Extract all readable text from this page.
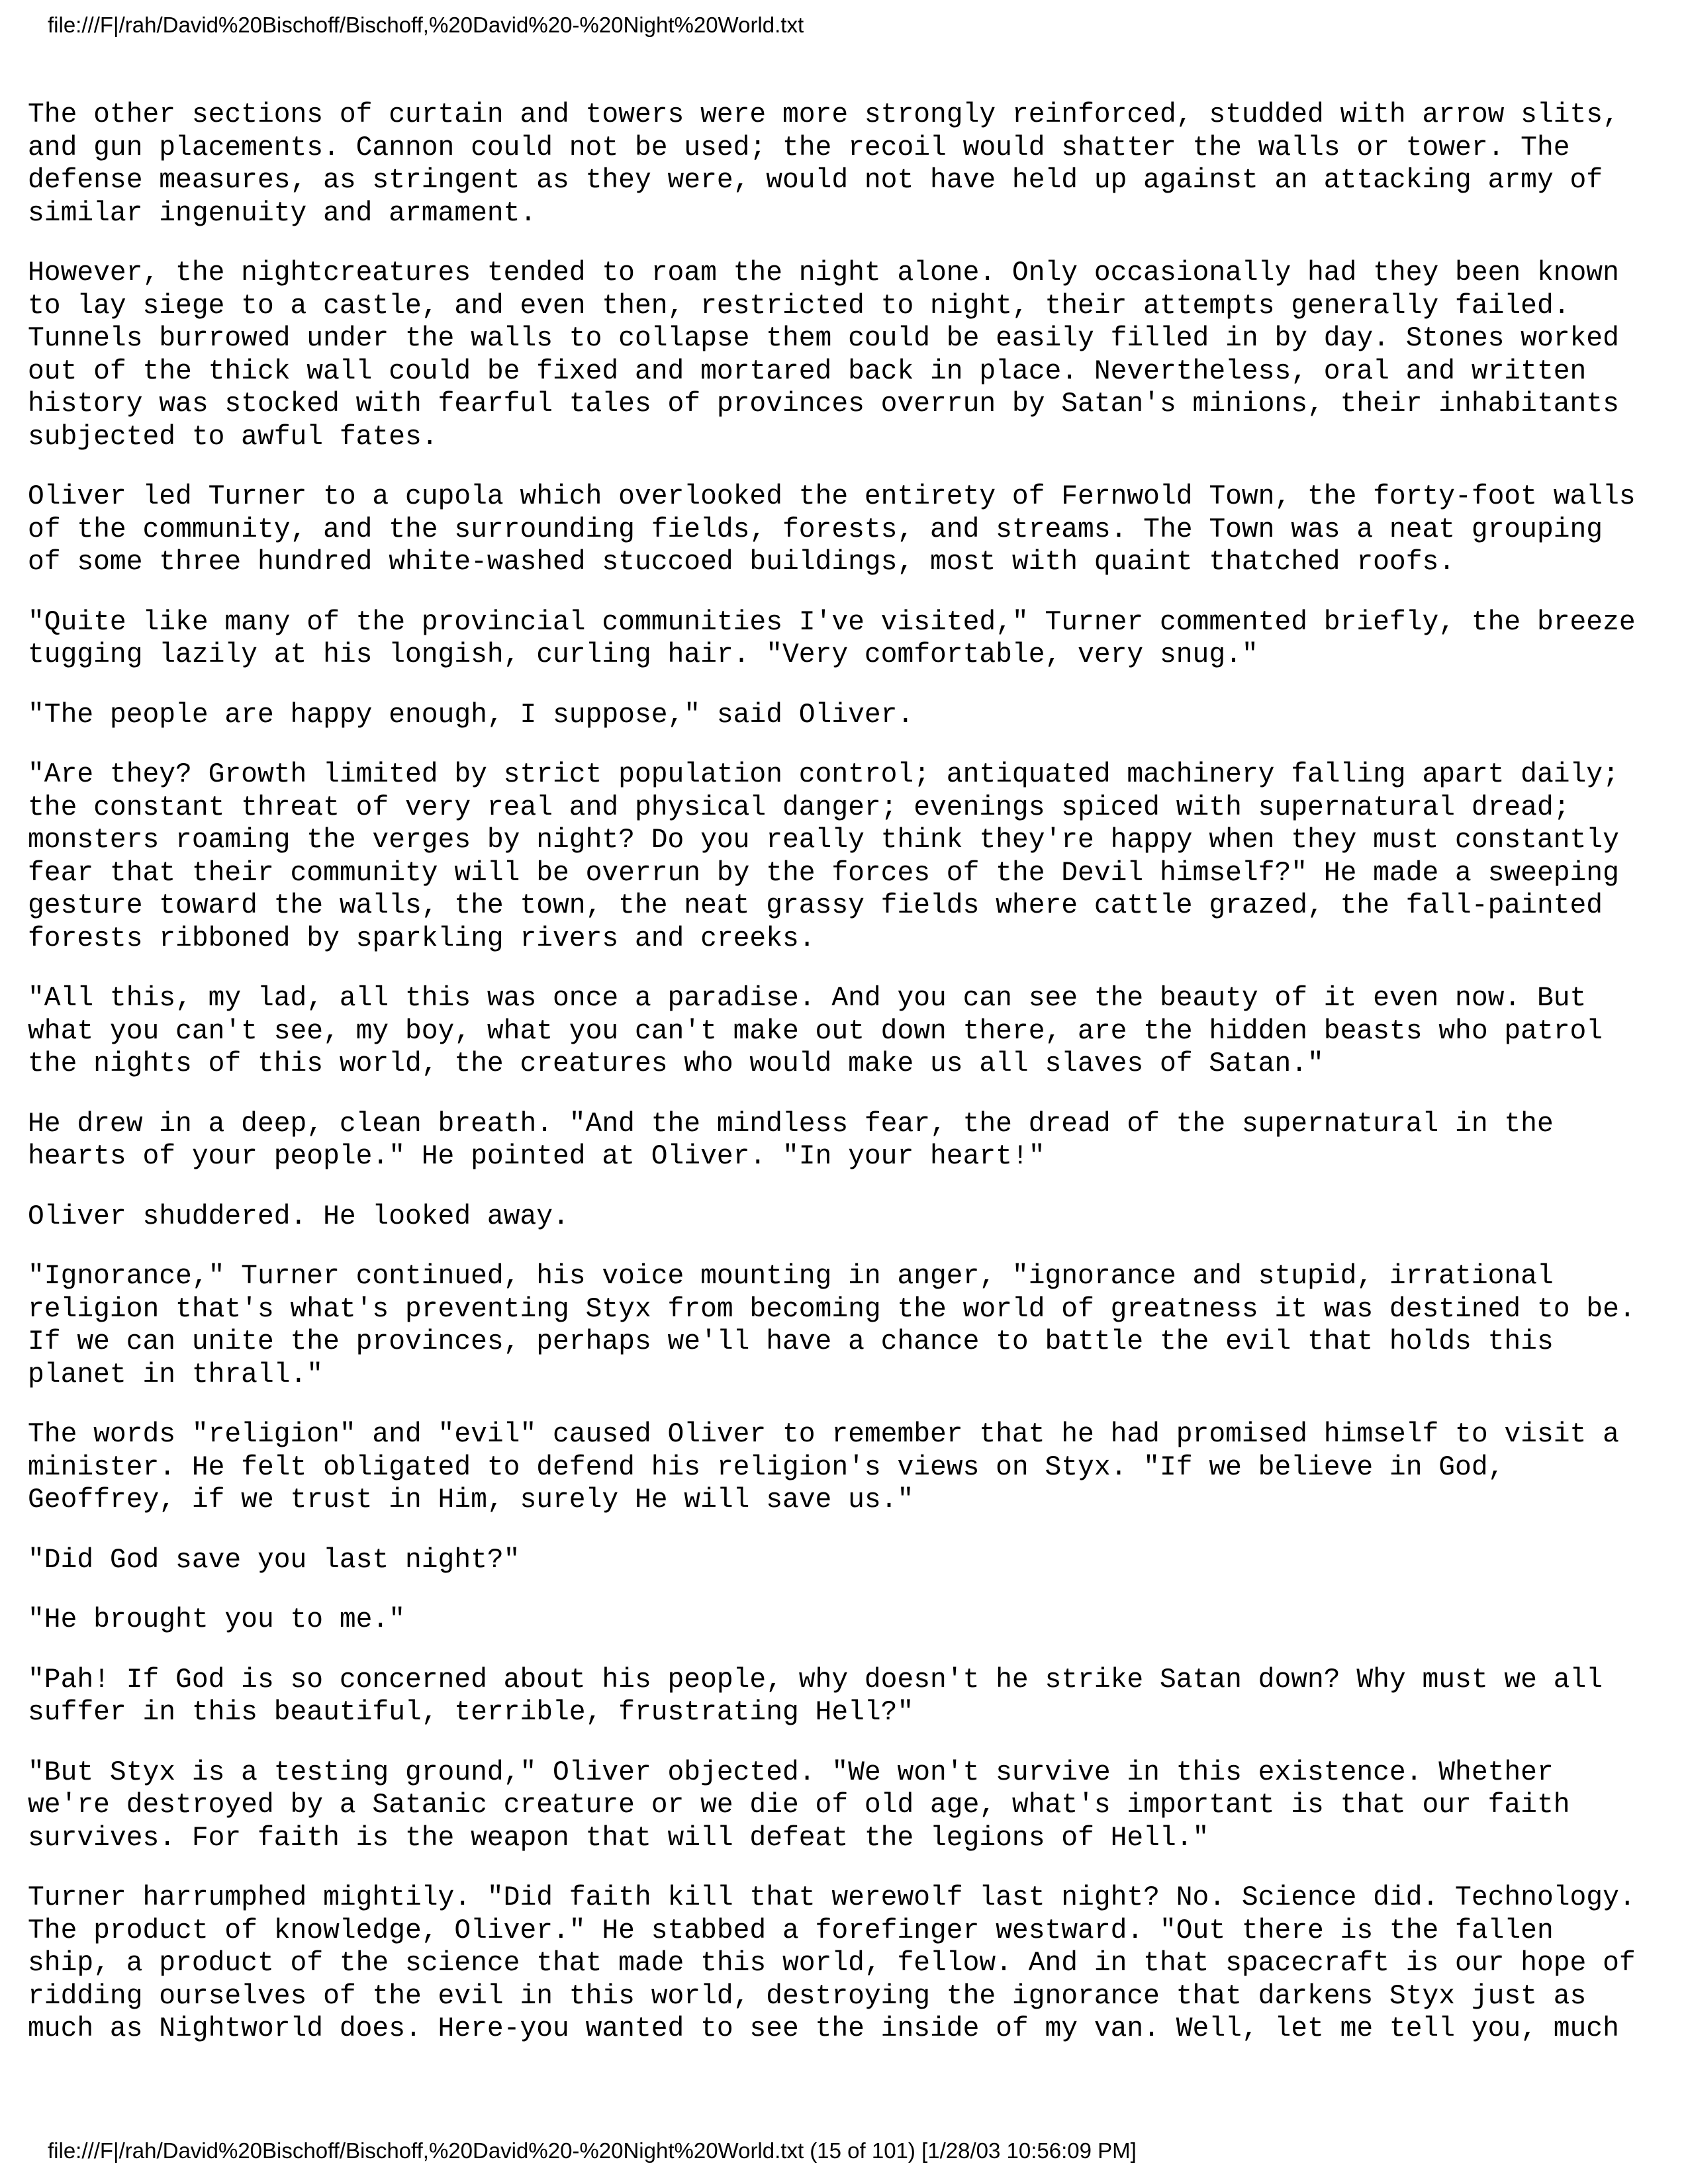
file:///F|/rah/David%20Bischoff/Bischoff,%20David%20-%20Night%20World.txt

The other sections of curtain and towers were more strongly reinforced, studded with arrow slits,
and gun placements. Cannon could not be used; the recoil would shatter the walls or tower. The
defense measures, as stringent as they were, would not have held up against an attacking army of
similar ingenuity and armament.

However, the nightcreatures tended to roam the night alone. Only occasionally had they been known
to lay siege to a castle, and even then, restricted to night, their attempts generally failed.
Tunnels burrowed under the walls to collapse them could be easily filled in by day. Stones worked
out of the thick wall could be fixed and mortared back in place. Nevertheless, oral and written
history was stocked with fearful tales of provinces overrun by Satan's minions, their inhabitants
subjected to awful fates.

Oliver led Turner to a cupola which overlooked the entirety of Fernwold Town, the forty-foot walls
of the community, and the surrounding fields, forests, and streams. The Town was a neat grouping
of some three hundred white-washed stuccoed buildings, most with quaint thatched roofs.

"Quite like many of the provincial communities I've visited," Turner commented briefly, the breeze
tugging lazily at his longish, curling hair. "Very comfortable, very snug."

"The people are happy enough, I suppose," said Oliver.

"Are they? Growth limited by strict population control; antiquated machinery falling apart daily;
the constant threat of very real and physical danger; evenings spiced with supernatural dread;
monsters roaming the verges by night? Do you really think they're happy when they must constantly
fear that their community will be overrun by the forces of the Devil himself?" He made a sweeping
gesture toward the walls, the town, the neat grassy fields where cattle grazed, the fall-painted
forests ribboned by sparkling rivers and creeks.

"All this, my lad, all this was once a paradise. And you can see the beauty of it even now. But
what you can't see, my boy, what you can't make out down there, are the hidden beasts who patrol
the nights of this world, the creatures who would make us all slaves of Satan."

He drew in a deep, clean breath. "And the mindless fear, the dread of the supernatural in the
hearts of your people." He pointed at Oliver. "In your heart!"

Oliver shuddered. He looked away.

"Ignorance," Turner continued, his voice mounting in anger, "ignorance and stupid, irrational
religion that's what's preventing Styx from becoming the world of greatness it was destined to be.
If we can unite the provinces, perhaps we'll have a chance to battle the evil that holds this
planet in thrall."

The words "religion" and "evil" caused Oliver to remember that he had promised himself to visit a
minister. He felt obligated to defend his religion's views on Styx. "If we believe in God,
Geoffrey, if we trust in Him, surely He will save us."

"Did God save you last night?"

"He brought you to me."

"Pah! If God is so concerned about his people, why doesn't he strike Satan down? Why must we all
suffer in this beautiful, terrible, frustrating Hell?"

"But Styx is a testing ground," Oliver objected. "We won't survive in this existence. Whether
we're destroyed by a Satanic creature or we die of old age, what's important is that our faith
survives. For faith is the weapon that will defeat the legions of Hell."

Turner harrumphed mightily. "Did faith kill that werewolf last night? No. Science did. Technology.
The product of knowledge, Oliver." He stabbed a forefinger westward. "Out there is the fallen
ship, a product of the science that made this world, fellow. And in that spacecraft is our hope of
ridding ourselves of the evil in this world, destroying the ignorance that darkens Styx just as
much as Nightworld does. Here-you wanted to see the inside of my van. Well, let me tell you, much

file:///F|/rah/David%20Bischoff/Bischoff,%20David%20-%20Night%20World.txt (15 of 101) [1/28/03 10:56:09 PM]
